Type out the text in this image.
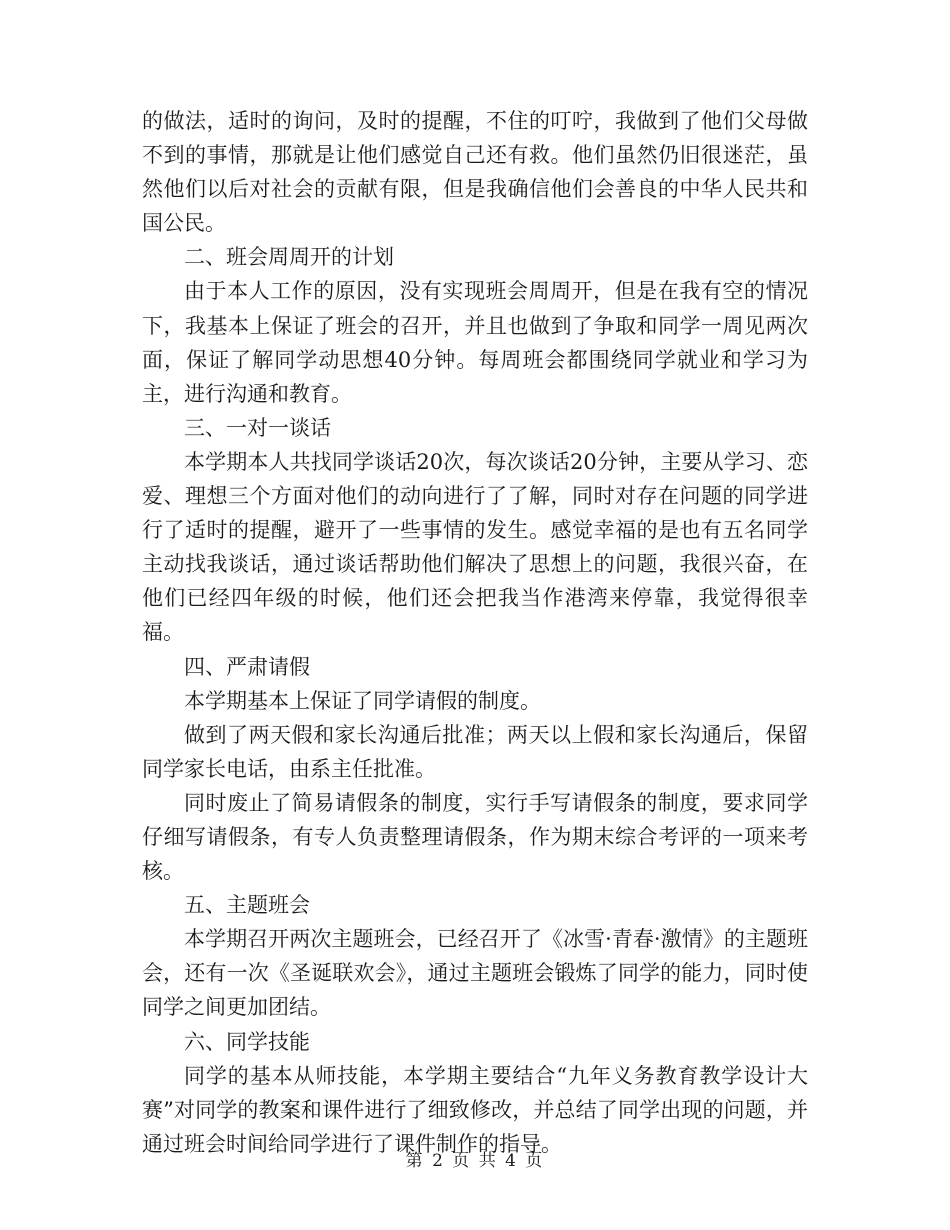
的做法，适时的询问，及时的提醒，不住的叮咛，我做到了他们父母做不到的事情，那就是让他们感觉自己还有救。他们虽然仍旧很迷茫，虽然他们以后对社会的贡献有限，但是我确信他们会善良的中华人民共和国公民。

二、班会周周开的计划

由于本人工作的原因，没有实现班会周周开，但是在我有空的情况下，我基本上保证了班会的召开，并且也做到了争取和同学一周见两次面，保证了解同学动思想40分钟。每周班会都围绕同学就业和学习为主，进行沟通和教育。

三、一对一谈话

本学期本人共找同学谈话20次，每次谈话20分钟，主要从学习、恋爱、理想三个方面对他们的动向进行了了解，同时对存在问题的同学进行了适时的提醒，避开了一些事情的发生。感觉幸福的是也有五名同学主动找我谈话，通过谈话帮助他们解决了思想上的问题，我很兴奋，在他们已经四年级的时候，他们还会把我当作港湾来停靠，我觉得很幸福。

四、严肃请假

本学期基本上保证了同学请假的制度。

做到了两天假和家长沟通后批准；两天以上假和家长沟通后，保留同学家长电话，由系主任批准。

同时废止了简易请假条的制度，实行手写请假条的制度，要求同学仔细写请假条，有专人负责整理请假条，作为期末综合考评的一项来考核。

五、主题班会

本学期召开两次主题班会，已经召开了《冰雪·青春·激情》的主题班会，还有一次《圣诞联欢会》，通过主题班会锻炼了同学的能力，同时使同学之间更加团结。

六、同学技能

同学的基本从师技能，本学期主要结合“九年义务教育教学设计大赛”对同学的教案和课件进行了细致修改，并总结了同学出现的问题，并通过班会时间给同学进行了课件制作的指导。

第 2 页 共 4 页
